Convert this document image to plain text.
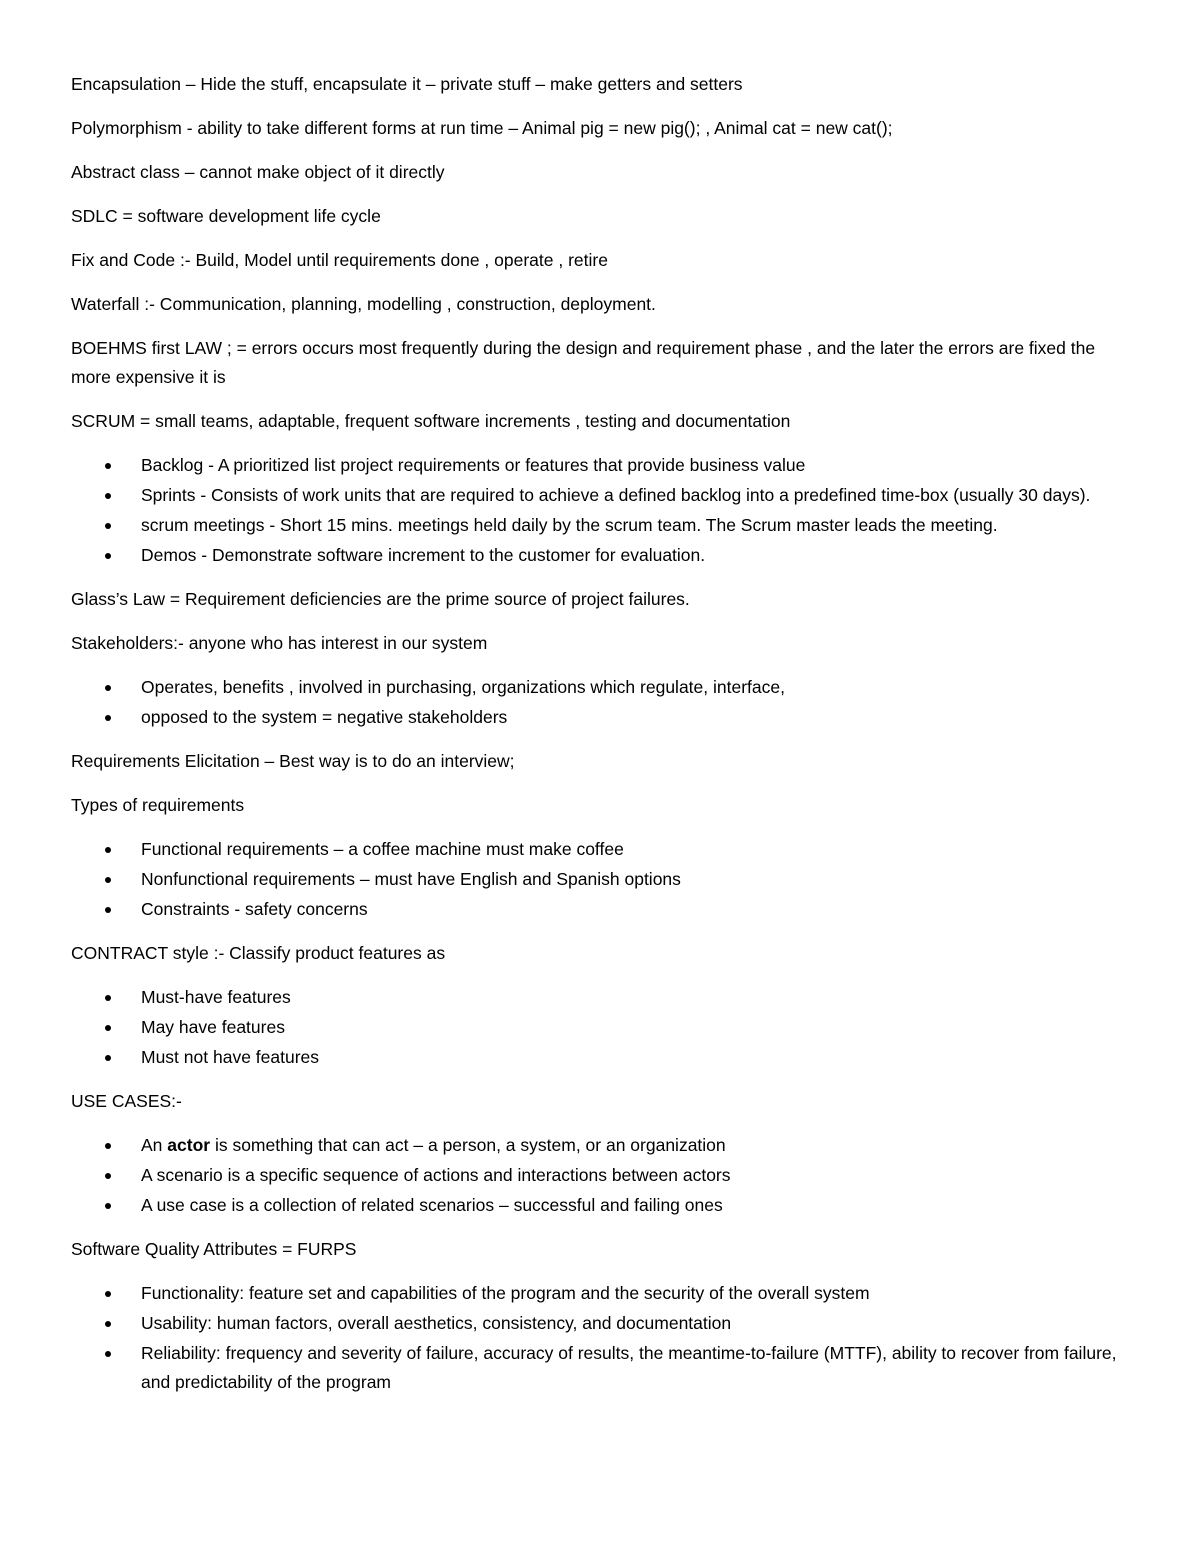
Encapsulation – Hide the stuff, encapsulate it – private stuff – make getters and setters

Polymorphism - ability to take different forms at run time – Animal pig = new pig(); , Animal cat = new cat();

Abstract class – cannot make object of it directly

SDLC = software development life cycle

Fix and Code :- Build, Model until requirements done , operate , retire

Waterfall :- Communication, planning, modelling , construction, deployment.

BOEHMS first LAW ; = errors occurs most frequently during the design and requirement phase , and the later the errors are fixed the more expensive it is

SCRUM = small teams, adaptable, frequent software increments , testing and documentation

Backlog - A prioritized list project requirements or features that provide business value
Sprints - Consists of work units that are required to achieve a defined backlog into a predefined time-box (usually 30 days).
scrum meetings - Short 15 mins. meetings held daily by the scrum team. The Scrum master leads the meeting.
Demos - Demonstrate software increment to the customer for evaluation.

Glass’s Law = Requirement deficiencies are the prime source of project failures.

Stakeholders:- anyone who has interest in our system

Operates, benefits , involved in purchasing, organizations which regulate, interface,
opposed to the system = negative stakeholders

Requirements Elicitation – Best way is to do an interview;

Types of requirements

Functional requirements – a coffee machine must make coffee
Nonfunctional requirements – must have English and Spanish options
Constraints - safety concerns

CONTRACT style :- Classify product features as

Must-have features
May have features
Must not have features

USE CASES:-

An actor is something that can act – a person, a system, or an organization
A scenario is a specific sequence of actions and interactions between actors
A use case is a collection of related scenarios – successful and failing ones

Software Quality Attributes = FURPS

Functionality: feature set and capabilities of the program and the security of the overall system
Usability: human factors, overall aesthetics, consistency, and documentation
Reliability: frequency and severity of failure, accuracy of results, the meantime-to-failure (MTTF), ability to recover from failure, and predictability of the program
